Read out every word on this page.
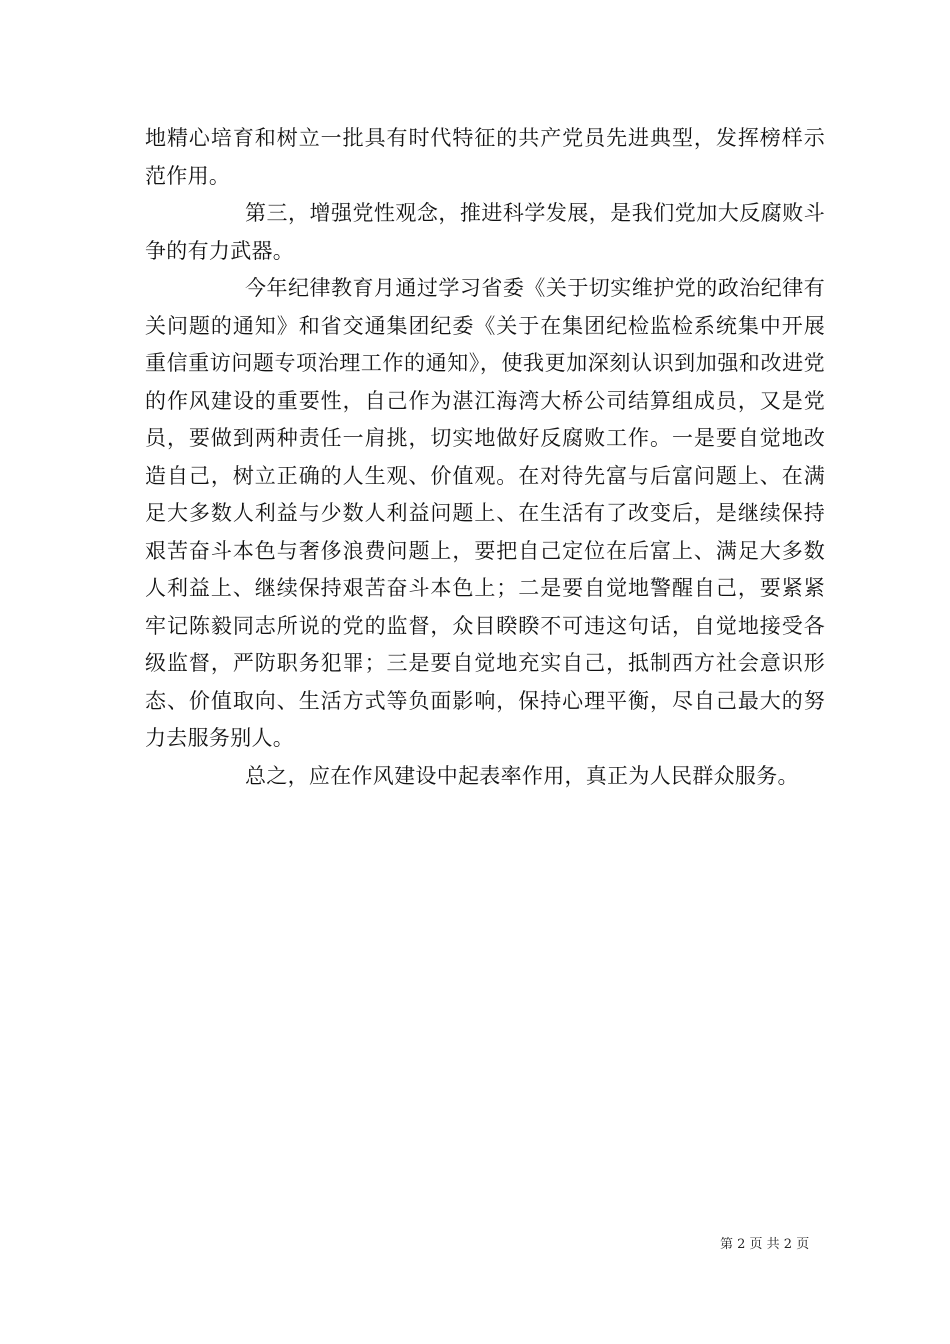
地精心培育和树立一批具有时代特征的共产党员先进典型，发挥榜样示范作用。

第三，增强党性观念，推进科学发展，是我们党加大反腐败斗争的有力武器。

今年纪律教育月通过学习省委《关于切实维护党的政治纪律有关问题的通知》和省交通集团纪委《关于在集团纪检监检系统集中开展重信重访问题专项治理工作的通知》，使我更加深刻认识到加强和改进党的作风建设的重要性，自己作为湛江海湾大桥公司结算组成员，又是党员，要做到两种责任一肩挑，切实地做好反腐败工作。一是要自觉地改造自己，树立正确的人生观、价值观。在对待先富与后富问题上、在满足大多数人利益与少数人利益问题上、在生活有了改变后，是继续保持艰苦奋斗本色与奢侈浪费问题上，要把自己定位在后富上、满足大多数人利益上、继续保持艰苦奋斗本色上；二是要自觉地警醒自己，要紧紧牢记陈毅同志所说的党的监督，众目睽睽不可违这句话，自觉地接受各级监督，严防职务犯罪；三是要自觉地充实自己，抵制西方社会意识形态、价值取向、生活方式等负面影响，保持心理平衡，尽自己最大的努力去服务别人。

总之，应在作风建设中起表率作用，真正为人民群众服务。

第 2 页 共 2 页
